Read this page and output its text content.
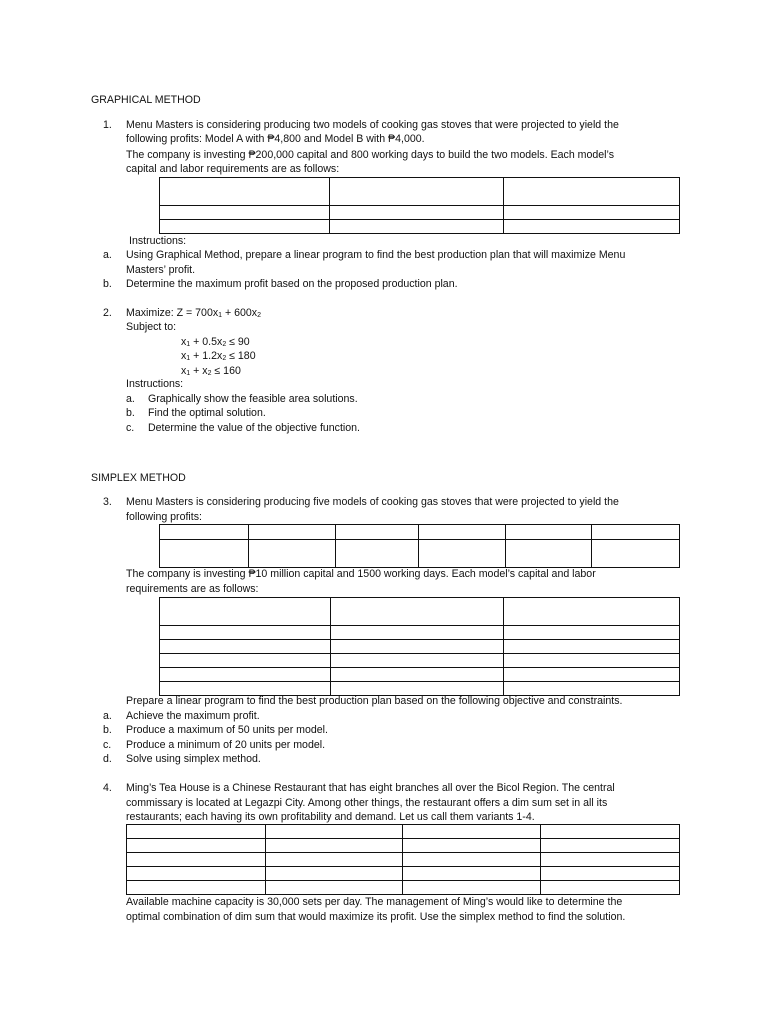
GRAPHICAL METHOD
1. Menu Masters is considering producing two models of cooking gas stoves that were projected to yield the
following profits: Model A with ₱4,800 and Model B with ₱4,000.
The company is investing ₱200,000 capital and 800 working days to build the two models. Each model’s
capital and labor requirements are as follows:

Instructions:
a. Using Graphical Method, prepare a linear program to find the best production plan that will maximize Menu
Masters’ profit.
b. Determine the maximum profit based on the proposed production plan.
2. Maximize: Z = 700x1 + 600x2
Subject to:
x1 + 0.5x2 ≤ 90
x1 + 1.2x2 ≤ 180
x1 + x2 ≤ 160
Instructions:
a. Graphically show the feasible area solutions.
b. Find the optimal solution.
c. Determine the value of the objective function.
SIMPLEX METHOD
3. Menu Masters is considering producing five models of cooking gas stoves that were projected to yield the
following profits:

The company is investing ₱10 million capital and 1500 working days. Each model’s capital and labor
requirements are as follows:

Prepare a linear program to find the best production plan based on the following objective and constraints.
a. Achieve the maximum profit.
b. Produce a maximum of 50 units per model.
c. Produce a minimum of 20 units per model.
d. Solve using simplex method.
4. Ming’s Tea House is a Chinese Restaurant that has eight branches all over the Bicol Region. The central
commissary is located at Legazpi City. Among other things, the restaurant offers a dim sum set in all its
restaurants; each having its own profitability and demand. Let us call them variants 1-4.

Available machine capacity is 30,000 sets per day. The management of Ming’s would like to determine the
optimal combination of dim sum that would maximize its profit. Use the simplex method to find the solution.
